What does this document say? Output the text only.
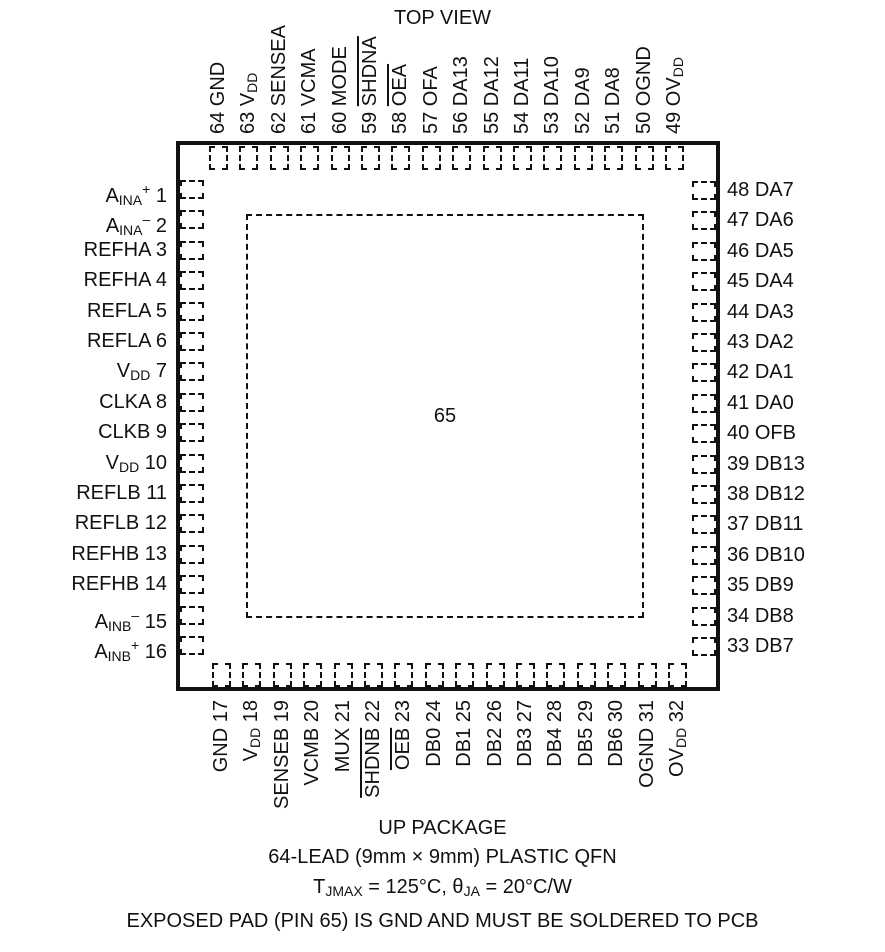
TOP VIEW
65
$A_{INA}^+$ 1
$A_{INA}^-$ 2
REFHA 3
REFHA 4
REFLA 5
REFLA 6
$V_{DD}$ 7
CLKA 8
CLKB 9
$V_{DD}$ 10
REFLB 11
REFLB 12
REFHB 13
REFHB 14
$A_{INB}^-$ 15
$A_{INB}^+$ 16	33 DB7
34 DB8
35 DB9
36 DB10
37 DB11
38 DB12
39 DB13
40 OFB
41 DA0
42 DA1
43 DA2
44 DA3
45 DA4
46 DA5
47 DA6
48 DA7
49 $OV_{DD}$
50 OGND
51 DA8
52 DA9
53 DA10
54 DA11
55 DA12
56 DA13
57 OFA
58 $\overline{OEA}$
59 SHDNA
60 MODE
61 VCMA
62 SENSEA
63 $V_{DD}$
64 GND
GND 17
$V_{DD}$ 18
SENSEB 19
VCMB 20
MUX 21
SHDNB 22
$\overline{OEB}$ 23
DB0 24
DB1 25
DB2 26
DB3 27
DB4 28
DB5 29
DB6 30
OGND 31
$OV_{DD}$ 32
UP PACKAGE
64-LEAD (9mm × 9mm) PLASTIC QFN
$T_{JMAX} = 125^\circ C$, $\theta_{JA} = 20^\circ C/W$
EXPOSED PAD (PIN 65) IS GND AND MUST BE SOLDERED TO PCB
